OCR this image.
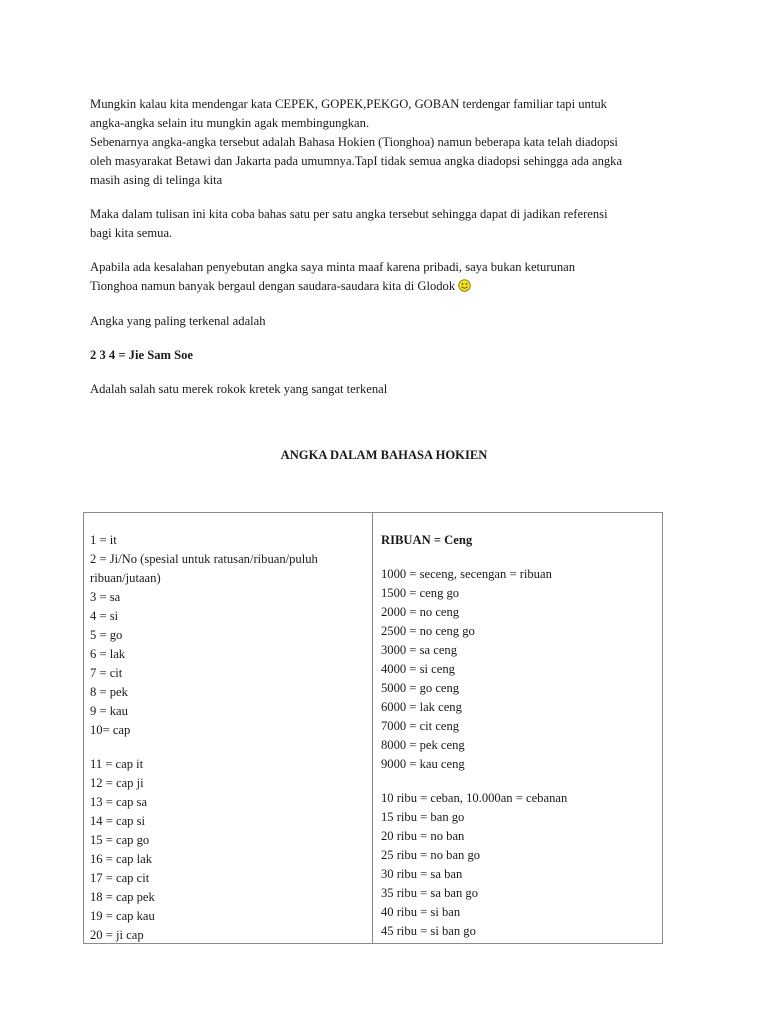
Mungkin kalau kita mendengar kata CEPEK, GOPEK,PEKGO, GOBAN terdengar familiar tapi untuk
angka-angka selain itu mungkin agak membingungkan.
Sebenarnya angka-angka tersebut adalah Bahasa Hokien (Tionghoa) namun beberapa kata telah diadopsi
oleh masyarakat Betawi dan Jakarta pada umumnya.TapI tidak semua angka diadopsi sehingga ada angka
masih asing di telinga kita

Maka dalam tulisan ini kita coba bahas satu per satu angka tersebut sehingga dapat di jadikan referensi
bagi kita semua.

Apabila ada kesalahan penyebutan angka saya minta maaf karena pribadi, saya bukan keturunan
Tionghoa namun banyak bergaul dengan saudara-saudara kita di Glodok

Angka yang paling terkenal adalah

2 3 4 = Jie Sam Soe

Adalah salah satu merek rokok kretek yang sangat terkenal

ANGKA DALAM BAHASA HOKIEN
1 = it
2 = Ji/No (spesial untuk ratusan/ribuan/puluh
ribuan/jutaan)
3 = sa
4 = si
5 = go
6 = lak
7 = cit
8 = pek
9 = kau
10= cap
11 = cap it
12 = cap ji
13 = cap sa
14 = cap si
15 = cap go
16 = cap lak
17 = cap cit
18 = cap pek
19 = cap kau
20 = ji cap
RIBUAN = Ceng
1000 = seceng, secengan = ribuan
1500 = ceng go
2000 = no ceng
2500 = no ceng go
3000 = sa ceng
4000 = si ceng
5000 = go ceng
6000 = lak ceng
7000 = cit ceng
8000 = pek ceng
9000 = kau ceng
10 ribu = ceban, 10.000an = cebanan
15 ribu = ban go
20 ribu = no ban
25 ribu = no ban go
30 ribu = sa ban
35 ribu = sa ban go
40 ribu = si ban
45 ribu = si ban go
